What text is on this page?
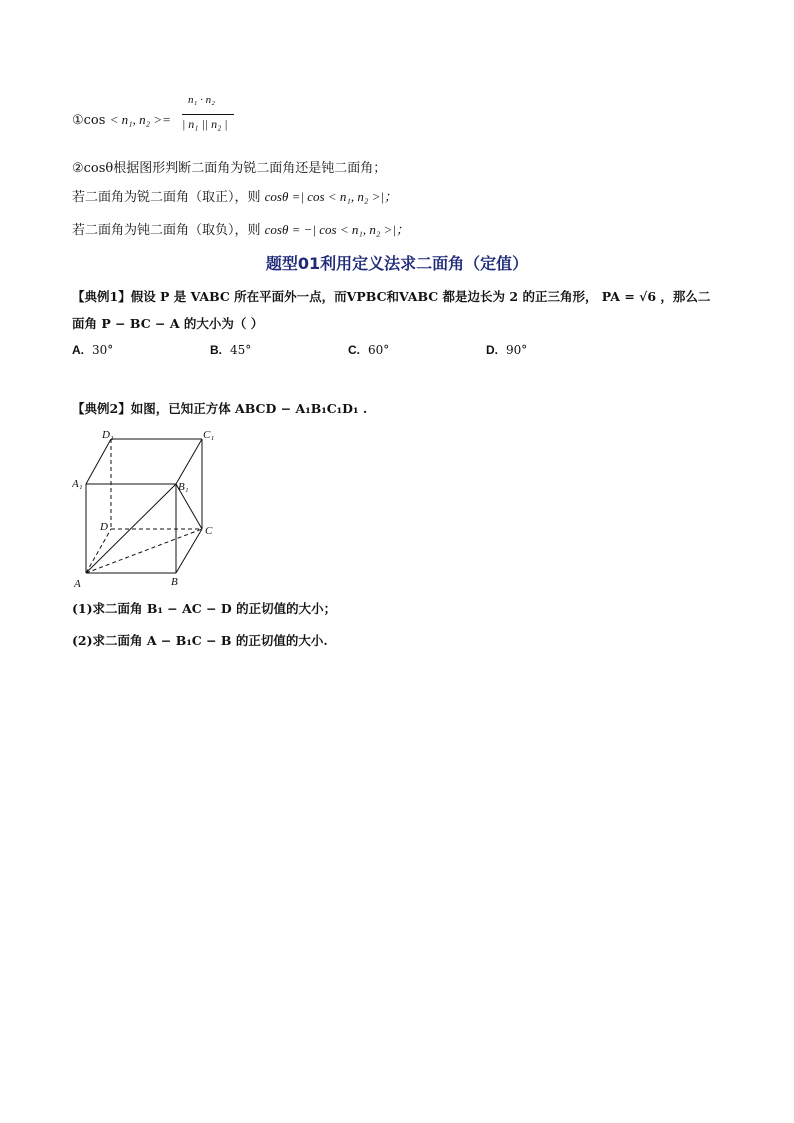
①cos < n₁, n₂ >=
n₁ · n₂
| n₁ || n₂ |
②cosθ根据图形判断二面角为锐二面角还是钝二面角；
若二面角为锐二面角（取正），则 cosθ =| cos < n₁, n₂ >|；
若二面角为钝二面角（取负），则 cosθ = −| cos < n₁, n₂ >|；
题型01利用定义法求二面角（定值）
【典例1】假设 P 是 VABC 所在平面外一点，而VPBC和VABC 都是边长为 2 的正三角形， PA = √6 ，那么二
面角 P − BC − A 的大小为（ ）
A. 30°	B. 45°	C. 60°	D. 90°
【典例2】如图，已知正方体 ABCD − A₁B₁C₁D₁ .
A	B
C
D
A₁	B₁
C₁
D₁
(1)求二面角 B₁ − AC − D 的正切值的大小；
(2)求二面角 A − B₁C − B 的正切值的大小.
